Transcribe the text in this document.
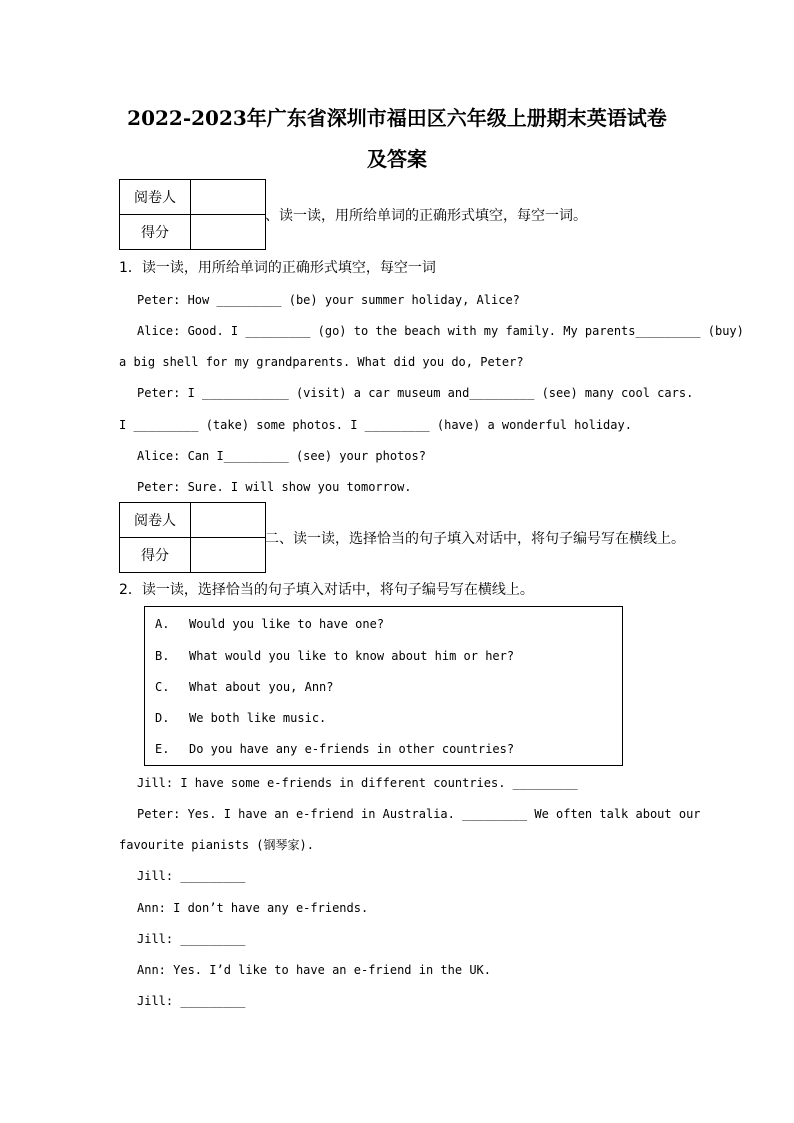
2022-2023年广东省深圳市福田区六年级上册期末英语试卷
及答案
阅卷人	
得分	
、读一读，用所给单词的正确形式填空，每空一词。
1．读一读，用所给单词的正确形式填空，每空一词
Peter: How _________ (be) your summer holiday, Alice?
Alice: Good. I _________ (go) to the beach with my family. My parents_________ (buy)
a big shell for my grandparents. What did you do, Peter?
Peter: I ____________ (visit) a car museum and_________ (see) many cool cars.
I _________ (take) some photos. I _________ (have) a wonderful holiday.
Alice: Can I_________ (see) your photos?
Peter: Sure. I will show you tomorrow.
阅卷人	
得分	
二、读一读，选择恰当的句子填入对话中，将句子编号写在横线上。
2．读一读，选择恰当的句子填入对话中，将句子编号写在横线上。
A. Would you like to have one?
B. What would you like to know about him or her?
C. What about you, Ann?
D. We both like music.
E. Do you have any e-friends in other countries?
Jill: I have some e-friends in different countries. _________
Peter: Yes. I have an e-friend in Australia. _________ We often talk about our
favourite pianists (钢琴家).
Jill: _________
Ann: I don’t have any e-friends.
Jill: _________
Ann: Yes. I’d like to have an e-friend in the UK.
Jill: _________
